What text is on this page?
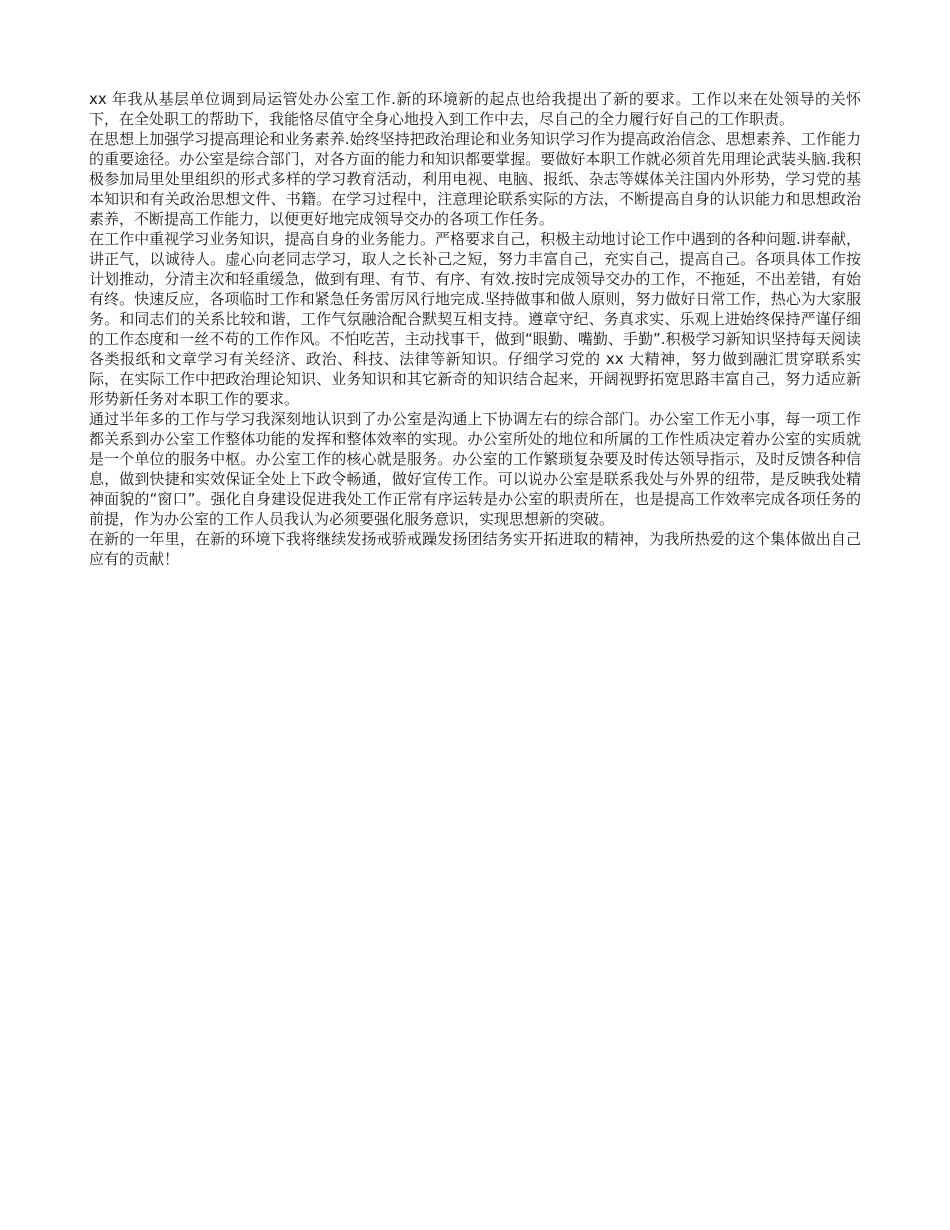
xx 年我从基层单位调到局运管处办公室工作.新的环境新的起点也给我提出了新的要求。工作以来在处领导的关怀下，在全处职工的帮助下，我能恪尽值守全身心地投入到工作中去，尽自己的全力履行好自己的工作职责。

在思想上加强学习提高理论和业务素养.始终坚持把政治理论和业务知识学习作为提高政治信念、思想素养、工作能力的重要途径。办公室是综合部门，对各方面的能力和知识都要掌握。要做好本职工作就必须首先用理论武装头脑.我积极参加局里处里组织的形式多样的学习教育活动，利用电视、电脑、报纸、杂志等媒体关注国内外形势，学习党的基本知识和有关政治思想文件、书籍。在学习过程中，注意理论联系实际的方法，不断提高自身的认识能力和思想政治素养，不断提高工作能力，以便更好地完成领导交办的各项工作任务。

在工作中重视学习业务知识，提高自身的业务能力。严格要求自己，积极主动地讨论工作中遇到的各种问题.讲奉献，讲正气，以诚待人。虚心向老同志学习，取人之长补己之短，努力丰富自己，充实自己，提高自己。各项具体工作按计划推动，分清主次和轻重缓急，做到有理、有节、有序、有效.按时完成领导交办的工作，不拖延，不出差错，有始有终。快速反应，各项临时工作和紧急任务雷厉风行地完成.坚持做事和做人原则，努力做好日常工作，热心为大家服务。和同志们的关系比较和谐，工作气氛融洽配合默契互相支持。遵章守纪、务真求实、乐观上进始终保持严谨仔细的工作态度和一丝不苟的工作作风。不怕吃苦，主动找事干，做到“眼勤、嘴勤、手勤”.积极学习新知识坚持每天阅读各类报纸和文章学习有关经济、政治、科技、法律等新知识。仔细学习党的 xx 大精神，努力做到融汇贯穿联系实际，在实际工作中把政治理论知识、业务知识和其它新奇的知识结合起来，开阔视野拓宽思路丰富自己，努力适应新形势新任务对本职工作的要求。

通过半年多的工作与学习我深刻地认识到了办公室是沟通上下协调左右的综合部门。办公室工作无小事，每一项工作都关系到办公室工作整体功能的发挥和整体效率的实现。办公室所处的地位和所属的工作性质决定着办公室的实质就是一个单位的服务中枢。办公室工作的核心就是服务。办公室的工作繁琐复杂要及时传达领导指示，及时反馈各种信息，做到快捷和实效保证全处上下政令畅通，做好宣传工作。可以说办公室是联系我处与外界的纽带，是反映我处精神面貌的“窗口”。强化自身建设促进我处工作正常有序运转是办公室的职责所在，也是提高工作效率完成各项任务的前提，作为办公室的工作人员我认为必须要强化服务意识，实现思想新的突破。

在新的一年里，在新的环境下我将继续发扬戒骄戒躁发扬团结务实开拓进取的精神，为我所热爱的这个集体做出自己应有的贡献！
